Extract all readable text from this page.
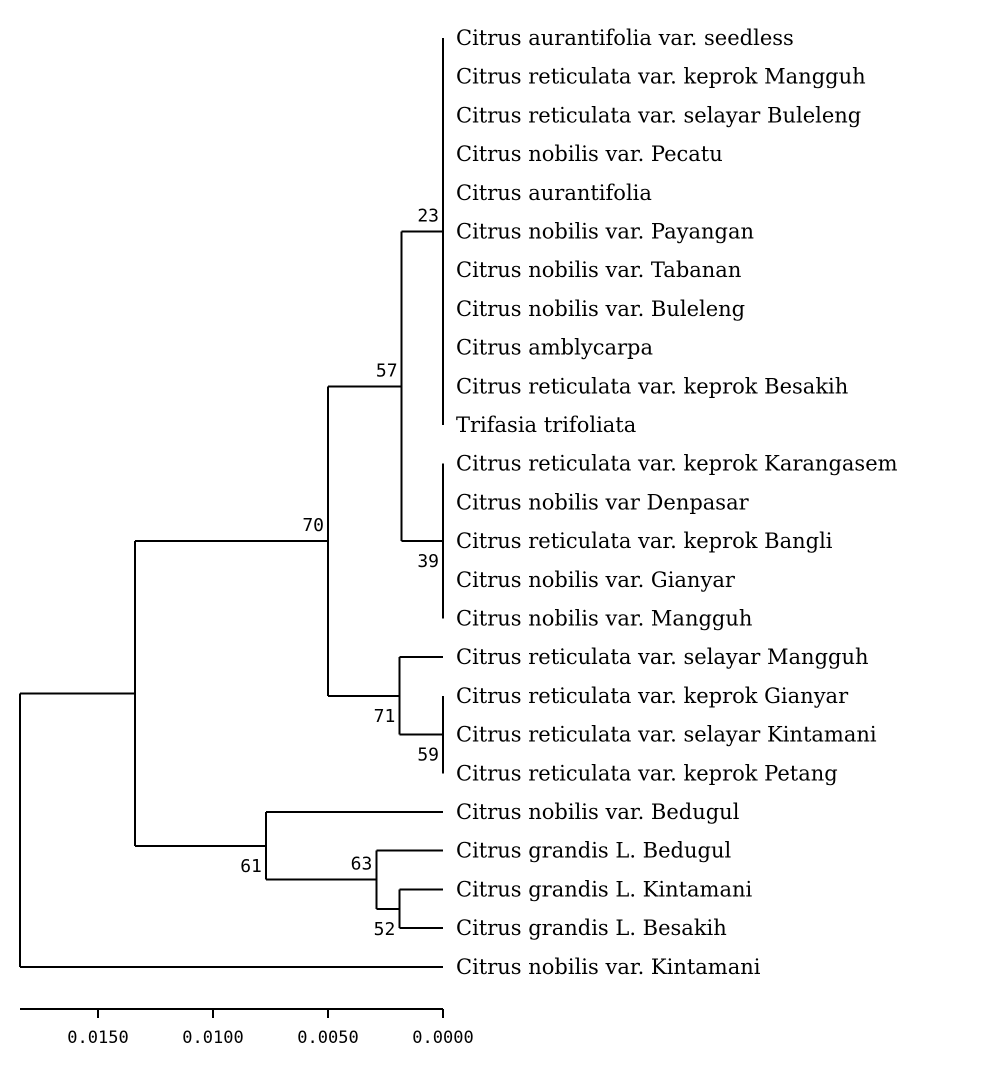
Citrus aurantifolia var. seedless
Citrus reticulata var. keprok Mangguh
Citrus reticulata var. selayar Buleleng
Citrus nobilis var. Pecatu
Citrus aurantifolia
Citrus nobilis var. Payangan
Citrus nobilis var. Tabanan
Citrus nobilis var. Buleleng
Citrus amblycarpa
Citrus reticulata var. keprok Besakih
Trifasia trifoliata
Citrus reticulata var. keprok Karangasem
Citrus nobilis var Denpasar
Citrus reticulata var. keprok Bangli
Citrus nobilis var. Gianyar
Citrus nobilis var. Mangguh
Citrus reticulata var. selayar Mangguh
Citrus reticulata var. keprok Gianyar
Citrus reticulata var. selayar Kintamani
Citrus reticulata var. keprok Petang
Citrus nobilis var. Bedugul
Citrus grandis L. Bedugul
Citrus grandis L. Kintamani
Citrus grandis L. Besakih
Citrus nobilis var. Kintamani
23
39
57
59
71
70
52
63
61
0.0150	0.0100	0.0050	0.0000
